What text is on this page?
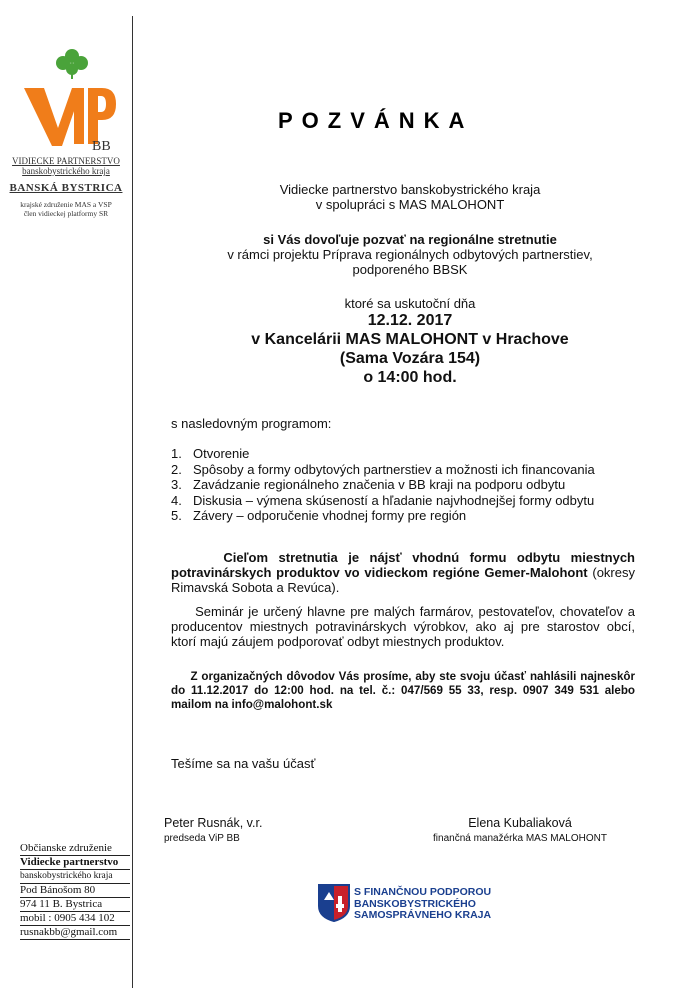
BB
VIDIECKE PARTNERSTVO
banskobystrického kraja
BANSKÁ BYSTRICA
krajské združenie MAS a VSP
člen vidieckej platformy SR
Občianske združenie
Vidiecke partnerstvo
banskobystrického kraja
Pod Bánošom 80
974 11 B. Bystrica
mobil : 0905 434 102
rusnakbb@gmail.com
POZVÁNKA
Vidiecke partnerstvo banskobystrického kraja
v spolupráci s MAS MALOHONT
si Vás dovoľuje pozvať na regionálne stretnutie
v rámci projektu Príprava regionálnych odbytových partnerstiev,
podporeného BBSK
ktoré sa uskutoční dňa
12.12. 2017
v Kancelárii MAS MALOHONT v Hrachove
(Sama Vozára 154)
o 14:00 hod.
s nasledovným programom:
1. Otvorenie
2. Spôsoby a formy odbytových partnerstiev a možnosti ich financovania
3. Zavádzanie regionálneho značenia v BB kraji na podporu odbytu
4. Diskusia – výmena skúseností a hľadanie najvhodnejšej formy odbytu
5. Závery – odporučenie vhodnej formy pre región
Cieľom stretnutia je nájsť vhodnú formu odbytu miestnych potravinárskych produktov vo vidieckom regióne Gemer-Malohont (okresy Rimavská Sobota a Revúca).
Seminár je určený hlavne pre malých farmárov, pestovateľov, chovateľov a producentov miestnych potravinárskych výrobkov, ako aj pre starostov obcí, ktorí majú záujem podporovať odbyt miestnych produktov.
Z organizačných dôvodov Vás prosíme, aby ste svoju účasť nahlásili najneskôr do 11.12.2017 do 12:00 hod. na tel. č.: 047/569 55 33, resp. 0907 349 531 alebo mailom na info@malohont.sk
Tešíme sa na vašu účasť
Peter Rusnák, v.r.
predseda ViP BB
Elena Kubaliaková
finančná manažérka MAS MALOHONT
S FINANČNOU PODPOROU
BANSKOBYSTRICKÉHO
SAMOSPRÁVNEHO KRAJA
